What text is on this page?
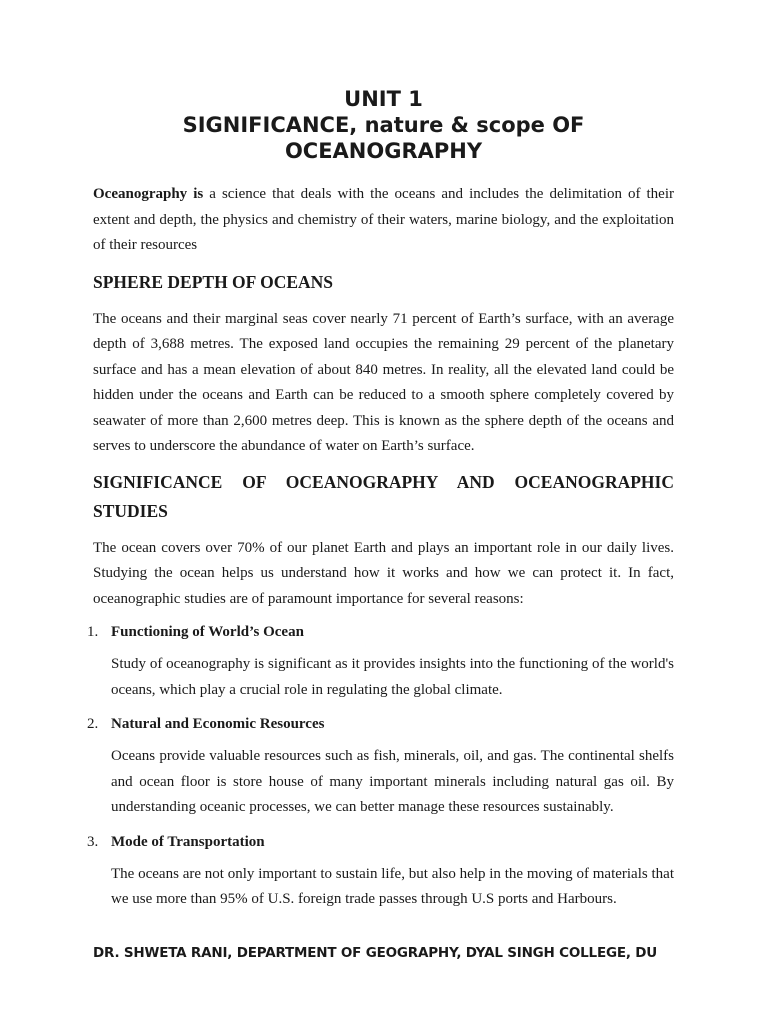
UNIT 1
SIGNIFICANCE, nature & scope OF
OCEANOGRAPHY

Oceanography is a science that deals with the oceans and includes the delimitation of their extent and depth, the physics and chemistry of their waters, marine biology, and the exploitation of their resources

SPHERE DEPTH OF OCEANS

The oceans and their marginal seas cover nearly 71 percent of Earth’s surface, with an average depth of 3,688 metres. The exposed land occupies the remaining 29 percent of the planetary surface and has a mean elevation of about 840 metres. In reality, all the elevated land could be hidden under the oceans and Earth can be reduced to a smooth sphere completely covered by seawater of more than 2,600 metres deep. This is known as the sphere depth of the oceans and serves to underscore the abundance of water on Earth’s surface.

SIGNIFICANCE OF OCEANOGRAPHY AND OCEANOGRAPHIC STUDIES

The ocean covers over 70% of our planet Earth and plays an important role in our daily lives. Studying the ocean helps us understand how it works and how we can protect it. In fact, oceanographic studies are of paramount importance for several reasons:

1. Functioning of World’s Ocean

Study of oceanography is significant as it provides insights into the functioning of the world's oceans, which play a crucial role in regulating the global climate.

2. Natural and Economic Resources

Oceans provide valuable resources such as fish, minerals, oil, and gas. The continental shelfs and ocean floor is store house of many important minerals including natural gas oil. By understanding oceanic processes, we can better manage these resources sustainably.

3. Mode of Transportation

The oceans are not only important to sustain life, but also help in the moving of materials that we use more than 95% of U.S. foreign trade passes through U.S ports and Harbours.

DR. SHWETA RANI, DEPARTMENT OF GEOGRAPHY, DYAL SINGH COLLEGE, DU
